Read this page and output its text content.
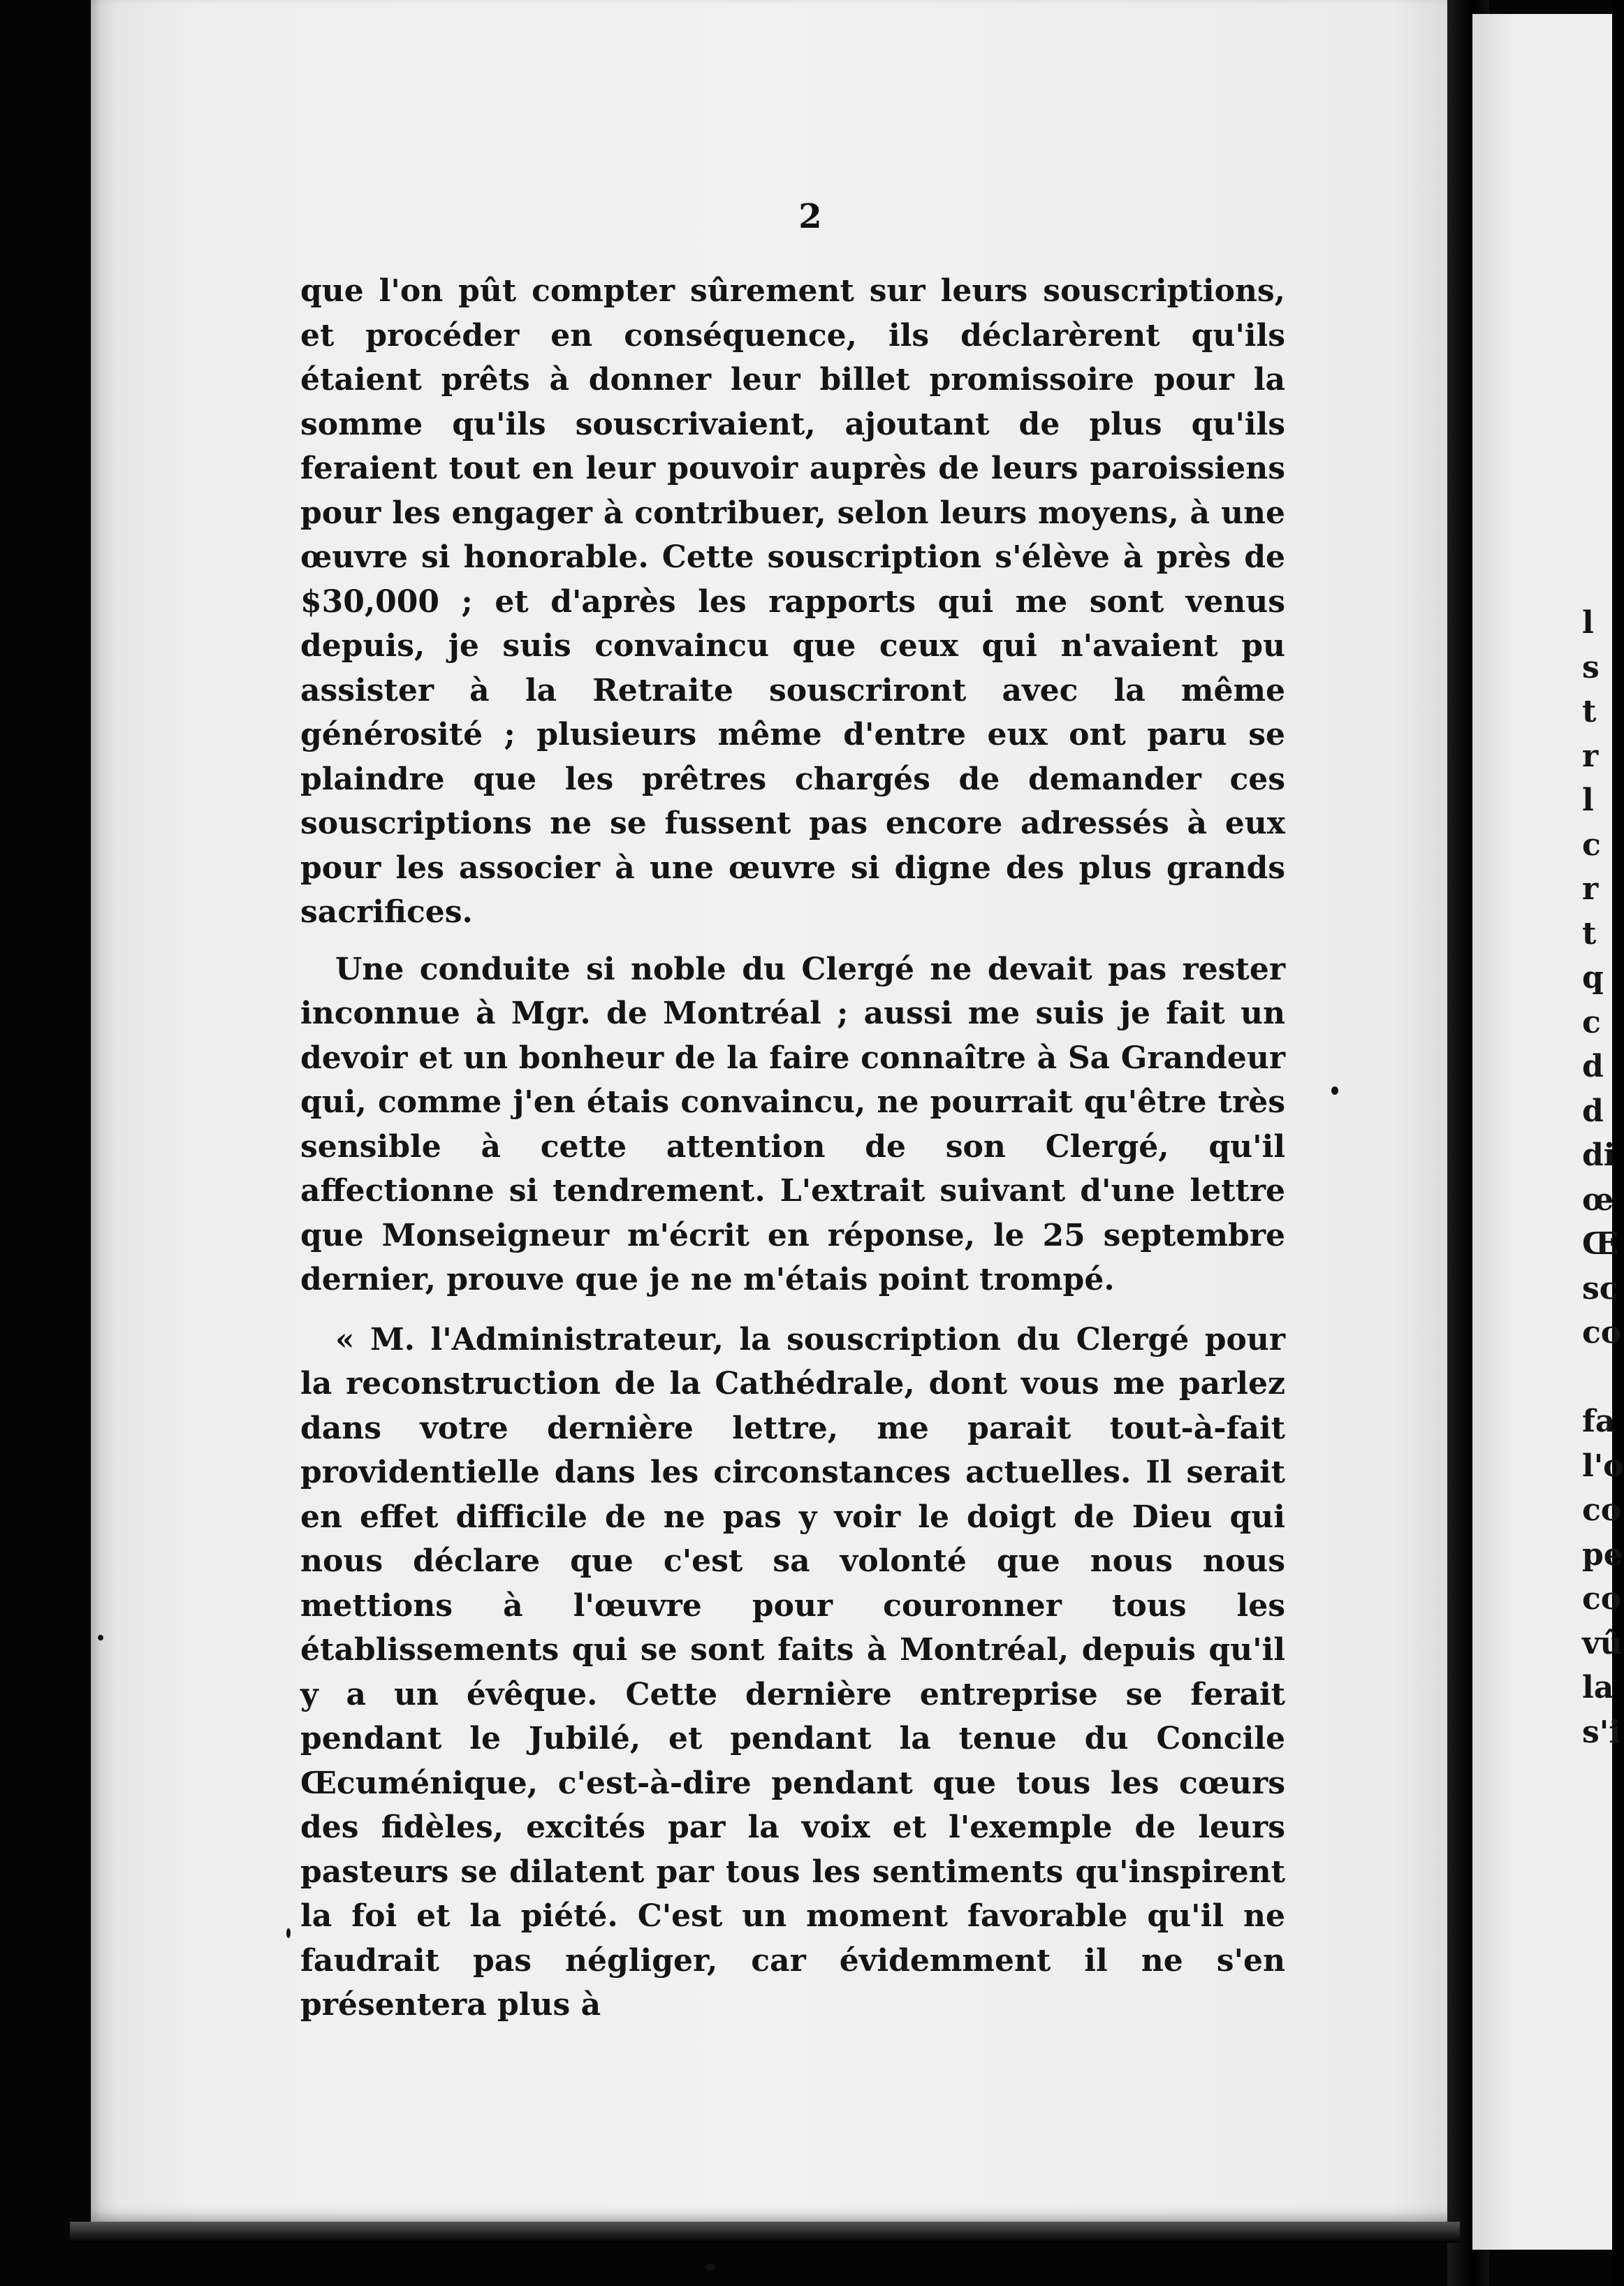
2

que l'on pût compter sûrement sur leurs souscriptions, et procéder en conséquence, ils déclarèrent qu'ils étaient prêts à donner leur billet promissoire pour la somme qu'ils souscrivaient, ajoutant de plus qu'ils feraient tout en leur pouvoir auprès de leurs paroissiens pour les engager à contribuer, selon leurs moyens, à une œuvre si honorable. Cette souscription s'élève à près de $30,000 ; et d'après les rapports qui me sont venus depuis, je suis convaincu que ceux qui n'avaient pu assister à la Retraite souscriront avec la même générosité ; plusieurs même d'entre eux ont paru se plaindre que les prêtres chargés de demander ces souscriptions ne se fussent pas encore adressés à eux pour les associer à une œuvre si digne des plus grands sacrifices.

Une conduite si noble du Clergé ne devait pas rester inconnue à Mgr. de Montréal ; aussi me suis je fait un devoir et un bonheur de la faire connaître à Sa Grandeur qui, comme j'en étais convaincu, ne pourrait qu'être très sensible à cette attention de son Clergé, qu'il affectionne si tendrement. L'extrait suivant d'une lettre que Monseigneur m'écrit en réponse, le 25 septembre dernier, prouve que je ne m'étais point trompé.

« M. l'Administrateur, la souscription du Clergé pour la reconstruction de la Cathédrale, dont vous me parlez dans votre dernière lettre, me parait tout-à-fait providentielle dans les circonstances actuelles. Il serait en effet difficile de ne pas y voir le doigt de Dieu qui nous déclare que c'est sa volonté que nous nous mettions à l'œuvre pour couronner tous les établissements qui se sont faits à Montréal, depuis qu'il y a un évêque. Cette dernière entreprise se ferait pendant le Jubilé, et pendant la tenue du Concile Œcuménique, c'est-à-dire pendant que tous les cœurs des fidèles, excités par la voix et l'exemple de leurs pasteurs se dilatent par tous les sentiments qu'inspirent la foi et la piété. C'est un moment favorable qu'il ne faudrait pas négliger, car évidemment il ne s'en présentera plus à

l
s
t
r
l
c
r
t
q
c
d
d
di
œ
Œ
sc
co
fa
l'o
co
pe
co
vû
la
s'i
